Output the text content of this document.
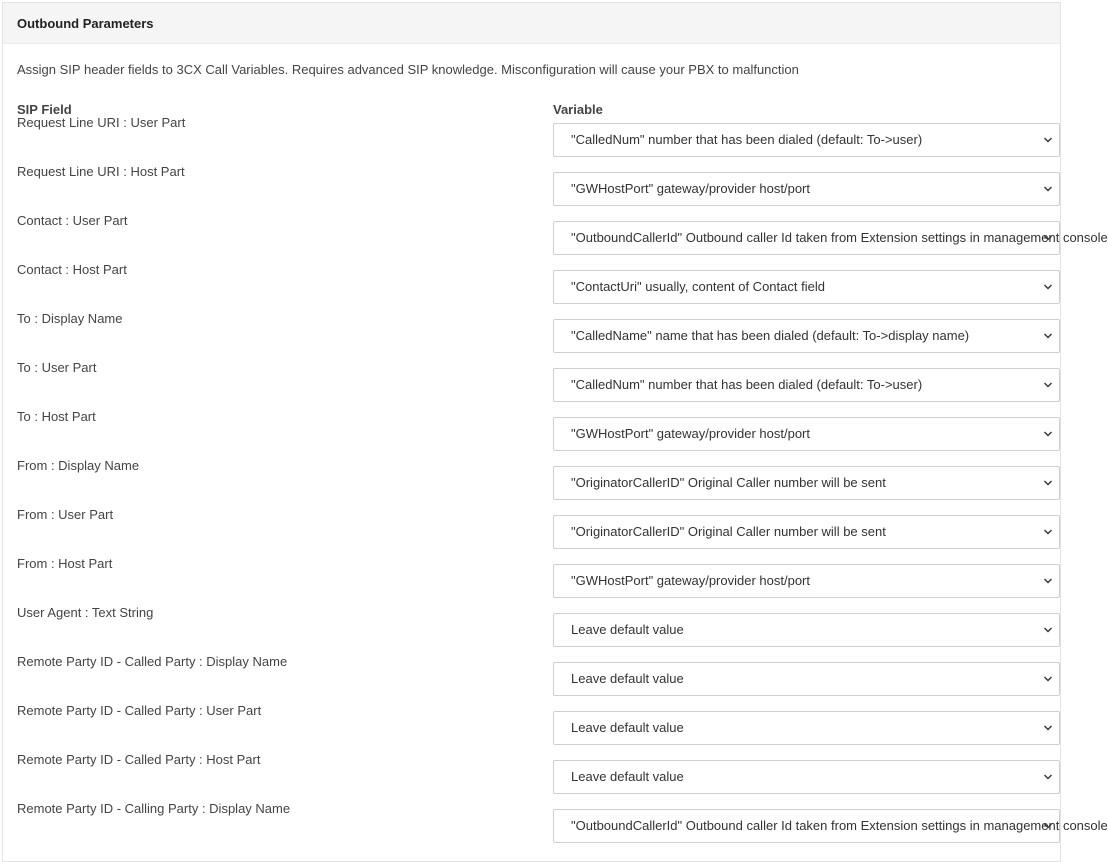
Outbound Parameters
Assign SIP header fields to 3CX Call Variables. Requires advanced SIP knowledge. Misconfiguration will cause your PBX to malfunction
SIP Field	Variable
Request Line URI : User Part
"CalledNum" number that has been dialed (default: To->user)
Request Line URI : Host Part
"GWHostPort" gateway/provider host/port
Contact : User Part
"OutboundCallerId" Outbound caller Id taken from Extension settings in management console
Contact : Host Part
"ContactUri" usually, content of Contact field
To : Display Name
"CalledName" name that has been dialed (default: To->display name)
To : User Part
"CalledNum" number that has been dialed (default: To->user)
To : Host Part
"GWHostPort" gateway/provider host/port
From : Display Name
"OriginatorCallerID" Original Caller number will be sent
From : User Part
"OriginatorCallerID" Original Caller number will be sent
From : Host Part
"GWHostPort" gateway/provider host/port
User Agent : Text String
Leave default value
Remote Party ID - Called Party : Display Name
Leave default value
Remote Party ID - Called Party : User Part
Leave default value
Remote Party ID - Called Party : Host Part
Leave default value
Remote Party ID - Calling Party : Display Name
"OutboundCallerId" Outbound caller Id taken from Extension settings in management console
